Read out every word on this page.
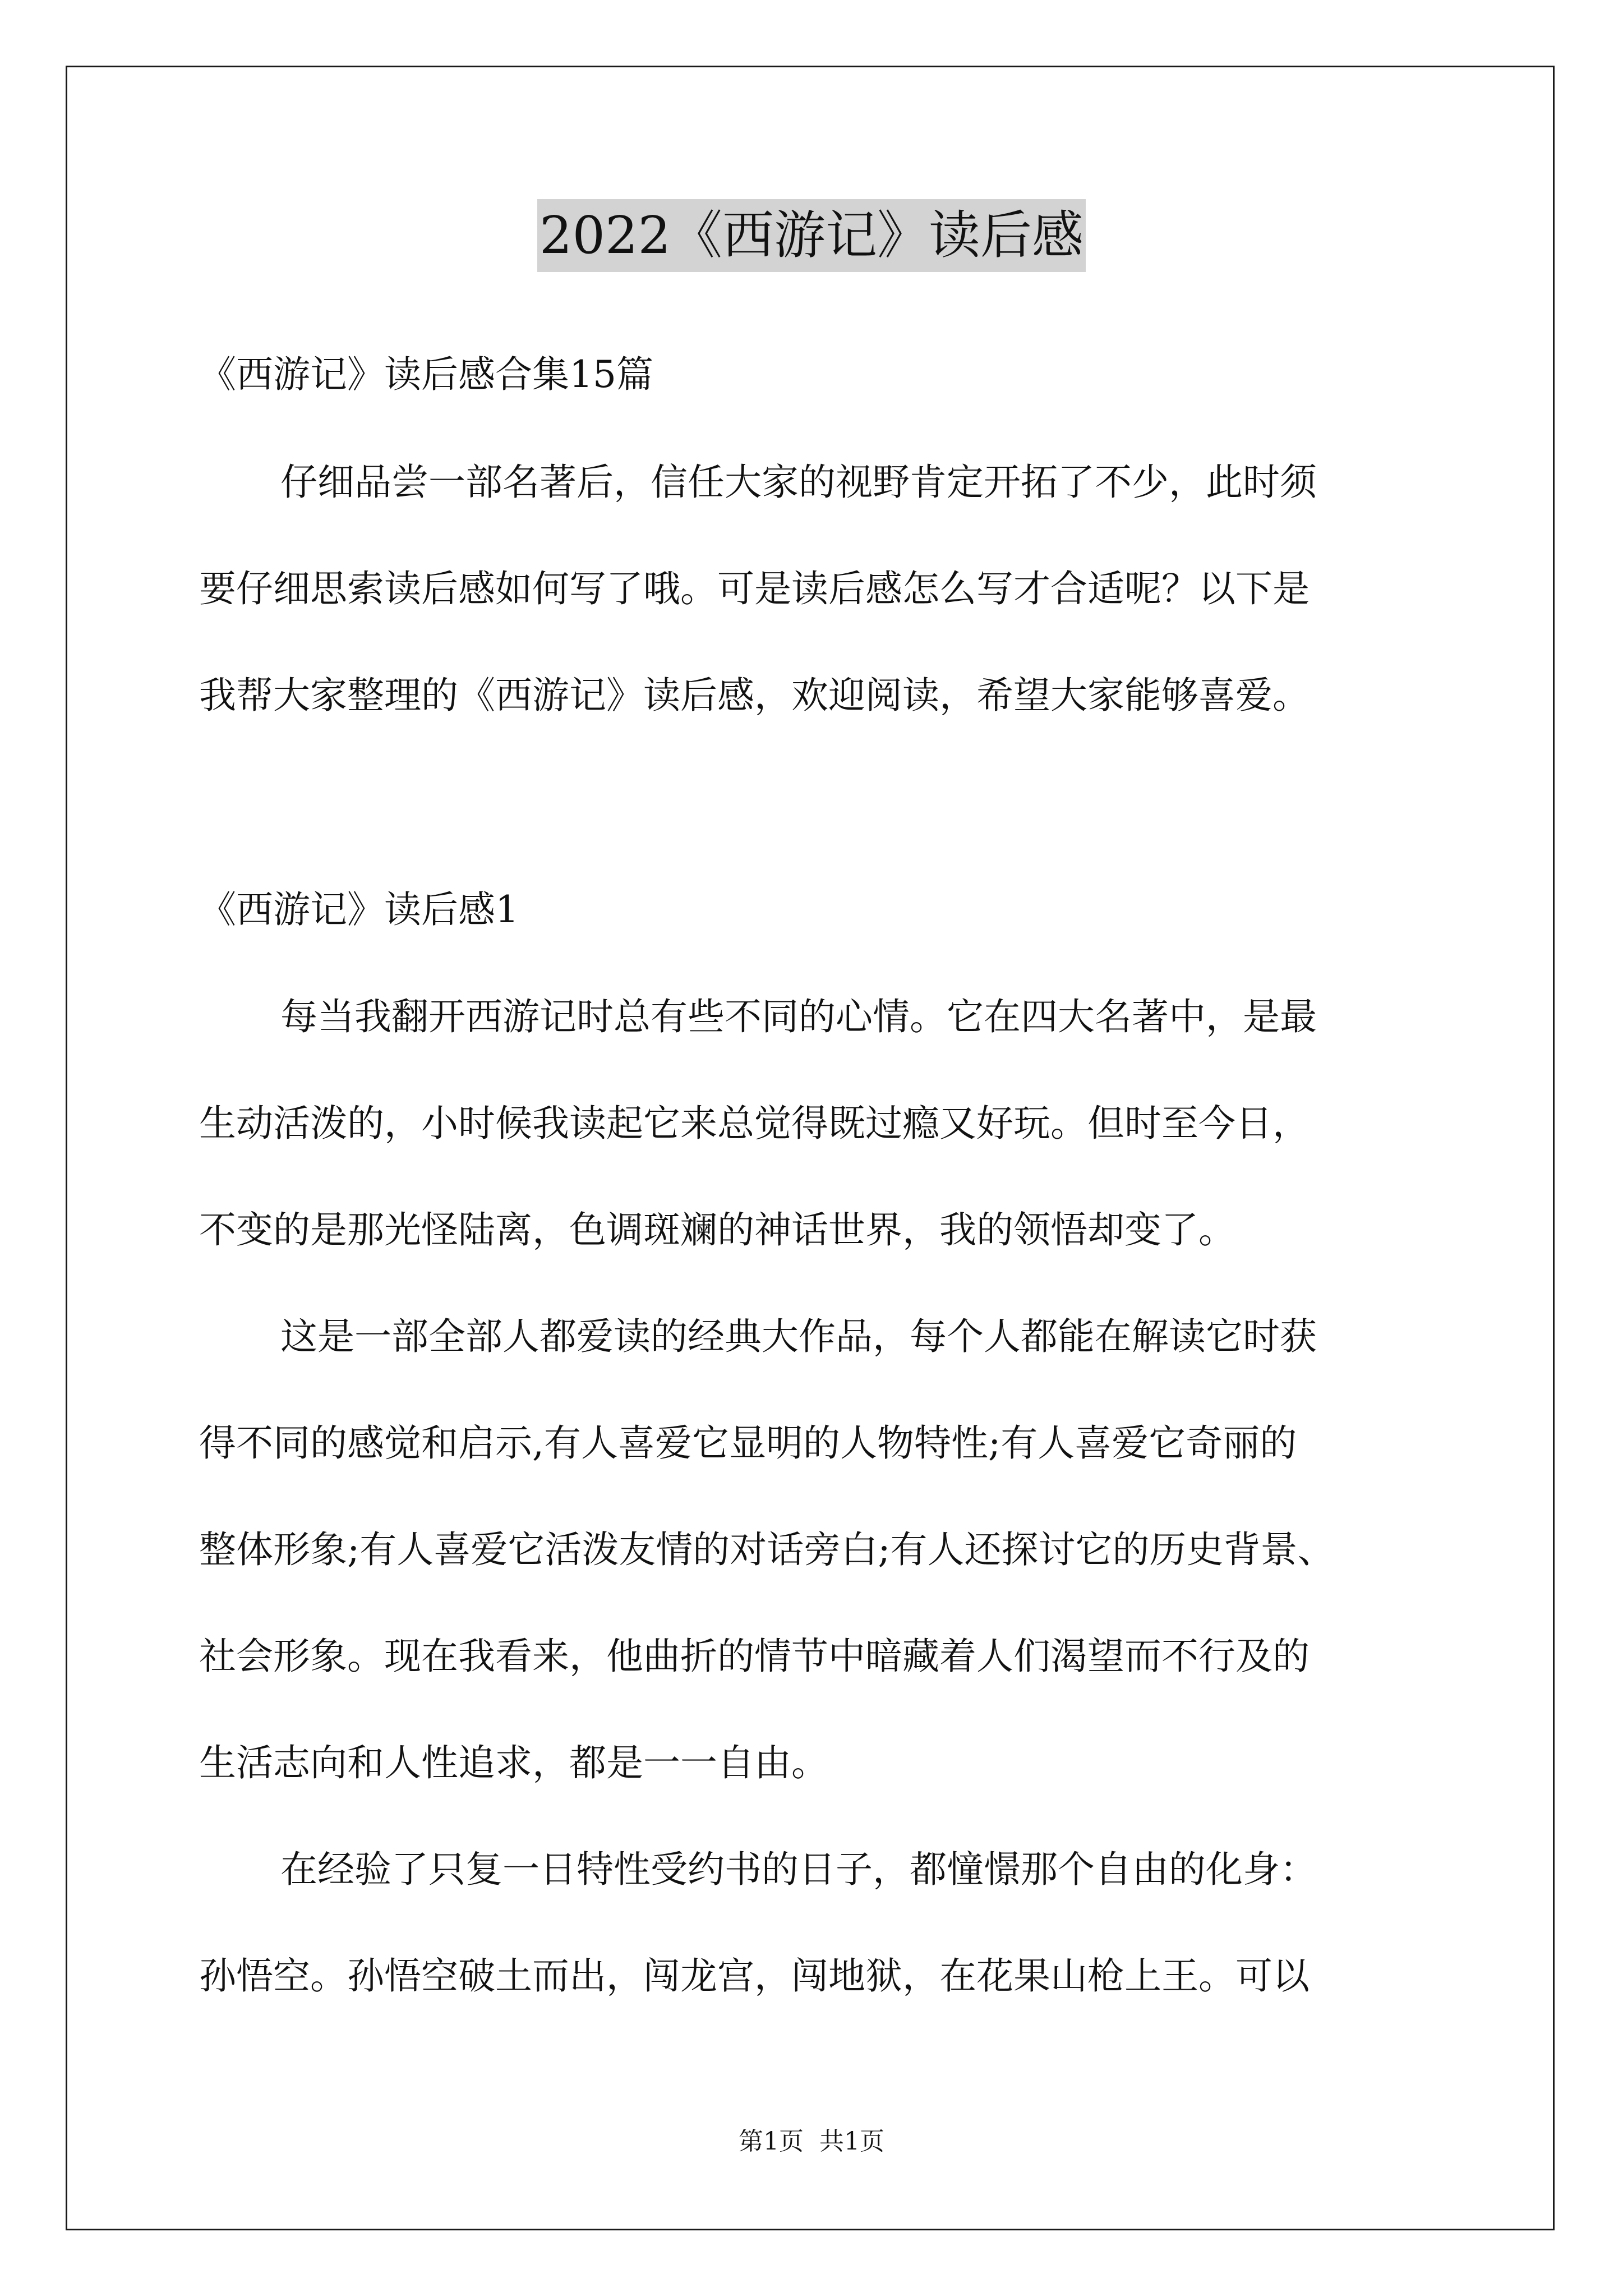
2022《西游记》读后感
《西游记》读后感合集15篇
仔细品尝一部名著后，信任大家的视野肯定开拓了不少，此时须
要仔细思索读后感如何写了哦。可是读后感怎么写才合适呢？以下是
我帮大家整理的《西游记》读后感，欢迎阅读，希望大家能够喜爱。
《西游记》读后感1
每当我翻开西游记时总有些不同的心情。它在四大名著中，是最
生动活泼的，小时候我读起它来总觉得既过瘾又好玩。但时至今日，
不变的是那光怪陆离，色调斑斓的神话世界，我的领悟却变了。
这是一部全部人都爱读的经典大作品，每个人都能在解读它时获
得不同的感觉和启示,有人喜爱它显明的人物特性;有人喜爱它奇丽的
整体形象;有人喜爱它活泼友情的对话旁白;有人还探讨它的历史背景、
社会形象。现在我看来，他曲折的情节中暗藏着人们渴望而不行及的
生活志向和人性追求，都是一一自由。
在经验了只复一日特性受约书的日子，都憧憬那个自由的化身：
孙悟空。孙悟空破土而出，闯龙宫，闯地狱，在花果山枪上王。可以
第1页 共1页
